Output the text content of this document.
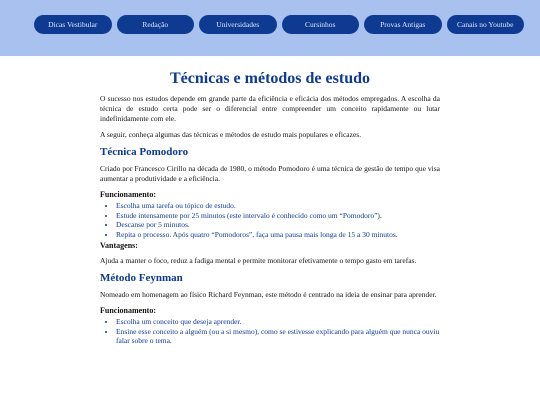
Dicas Vestibular	Redação	Universidades	Cursinhos	Provas Antigas	Canais no Youtube
Técnicas e métodos de estudo

O sucesso nos estudos depende em grande parte da eficiência e eficácia dos métodos empregados. A escolha da técnica de estudo certa pode ser o diferencial entre compreender um conceito rapidamente ou lutar indefinidamente com ele.

A seguir, conheça algumas das técnicas e métodos de estudo mais populares e eficazes.

Técnica Pomodoro

Criado por Francesco Cirillo na década de 1980, o método Pomodoro é uma técnica de gestão de tempo que visa aumentar a produtividade e a eficiência.

Funcionamento:
• Escolha uma tarefa ou tópico de estudo.
• Estude intensamente por 25 minutos (este intervalo é conhecido como um “Pomodoro”).
• Descanse por 5 minutos.
• Repita o processo. Após quatro “Pomodoros”, faça uma pausa mais longa de 15 a 30 minutos.
Vantagens:

Ajuda a manter o foco, reduz a fadiga mental e permite monitorar efetivamente o tempo gasto em tarefas.

Método Feynman

Nomeado em homenagem ao físico Richard Feynman, este método é centrado na ideia de ensinar para aprender.

Funcionamento:
• Escolha um conceito que deseja aprender.
• Ensine esse conceito a alguém (ou a si mesmo), como se estivesse explicando para alguém que nunca ouviu falar sobre o tema.
